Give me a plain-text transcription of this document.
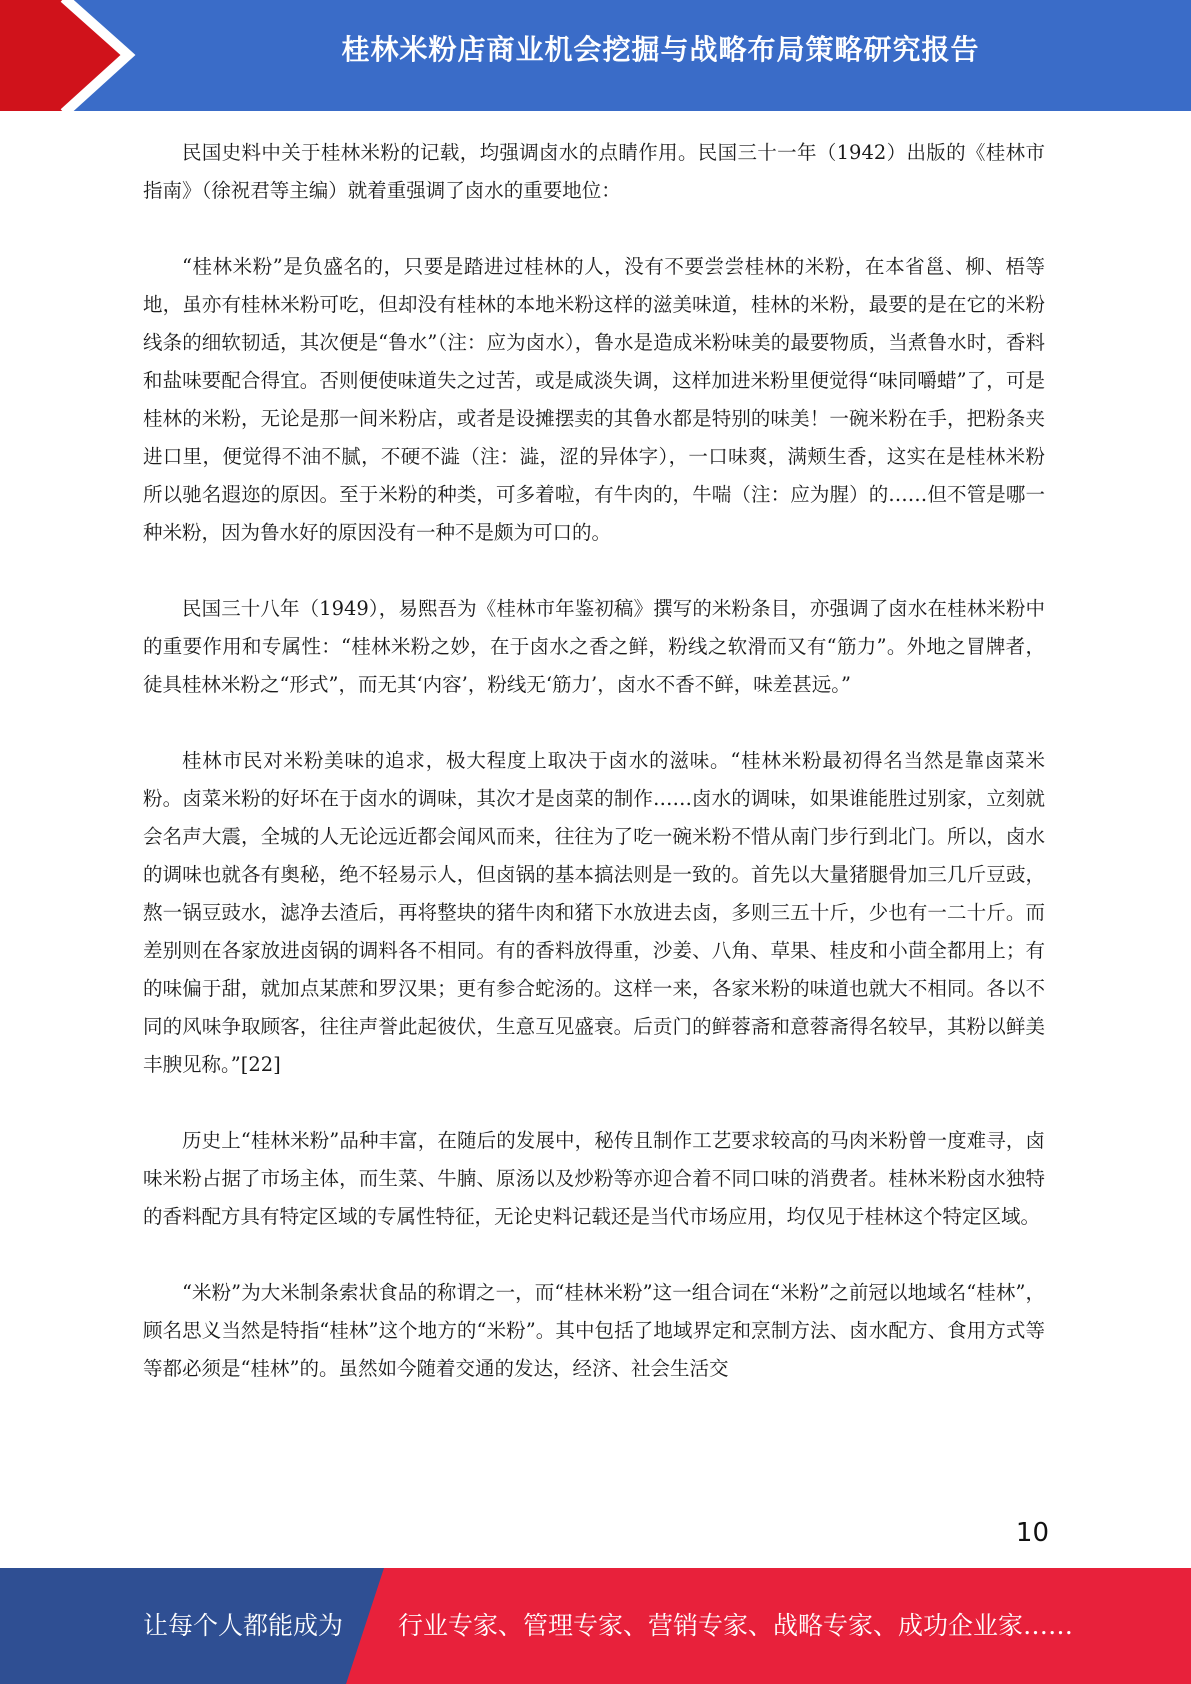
桂林米粉店商业机会挖掘与战略布局策略研究报告

民国史料中关于桂林米粉的记载，均强调卤水的点睛作用。民国三十一年（1942）出版的《桂林市指南》（徐祝君等主编）就着重强调了卤水的重要地位：

“桂林米粉”是负盛名的，只要是踏进过桂林的人，没有不要尝尝桂林的米粉，在本省邕、柳、梧等地，虽亦有桂林米粉可吃，但却没有桂林的本地米粉这样的滋美味道，桂林的米粉，最要的是在它的米粉线条的细软韧适，其次便是“鲁水”（注：应为卤水），鲁水是造成米粉味美的最要物质，当煮鲁水时，香料和盐味要配合得宜。否则便使味道失之过苦，或是咸淡失调，这样加进米粉里便觉得“味同嚼蜡”了，可是桂林的米粉，无论是那一间米粉店，或者是设摊摆卖的其鲁水都是特别的味美！一碗米粉在手，把粉条夹进口里，便觉得不油不腻，不硬不澁（注：澁，涩的异体字），一口味爽，满颊生香，这实在是桂林米粉所以驰名遐迩的原因。至于米粉的种类，可多着啦，有牛肉的，牛喘（注：应为腥）的……但不管是哪一种米粉，因为鲁水好的原因没有一种不是颇为可口的。

民国三十八年（1949），易熙吾为《桂林市年鉴初稿》撰写的米粉条目，亦强调了卤水在桂林米粉中的重要作用和专属性：“桂林米粉之妙，在于卤水之香之鲜，粉线之软滑而又有“筋力”。外地之冒牌者，徒具桂林米粉之“形式”，而无其‘内容’，粉线无‘筋力’，卤水不香不鲜，味差甚远。”

桂林市民对米粉美味的追求，极大程度上取决于卤水的滋味。“桂林米粉最初得名当然是靠卤菜米粉。卤菜米粉的好坏在于卤水的调味，其次才是卤菜的制作……卤水的调味，如果谁能胜过别家，立刻就会名声大震，全城的人无论远近都会闻风而来，往往为了吃一碗米粉不惜从南门步行到北门。所以，卤水的调味也就各有奥秘，绝不轻易示人，但卤锅的基本搞法则是一致的。首先以大量猪腿骨加三几斤豆豉，熬一锅豆豉水，滤净去渣后，再将整块的猪牛肉和猪下水放进去卤，多则三五十斤，少也有一二十斤。而差别则在各家放进卤锅的调料各不相同。有的香料放得重，沙姜、八角、草果、桂皮和小茴全都用上；有的味偏于甜，就加点某蔗和罗汉果；更有参合蛇汤的。这样一来，各家米粉的味道也就大不相同。各以不同的风味争取顾客，往往声誉此起彼伏，生意互见盛衰。后贡门的鲜蓉斋和意蓉斋得名较早，其粉以鲜美丰腴见称。”[22]

历史上“桂林米粉”品种丰富，在随后的发展中，秘传且制作工艺要求较高的马肉米粉曾一度难寻，卤味米粉占据了市场主体，而生菜、牛腩、原汤以及炒粉等亦迎合着不同口味的消费者。桂林米粉卤水独特的香料配方具有特定区域的专属性特征，无论史料记载还是当代市场应用，均仅见于桂林这个特定区域。

“米粉”为大米制条索状食品的称谓之一，而“桂林米粉”这一组合词在“米粉”之前冠以地域名“桂林”，顾名思义当然是特指“桂林”这个地方的“米粉”。其中包括了地域界定和烹制方法、卤水配方、食用方式等等都必须是“桂林”的。虽然如今随着交通的发达，经济、社会生活交

10
让每个人都能成为 行业专家、管理专家、营销专家、战略专家、成功企业家……
